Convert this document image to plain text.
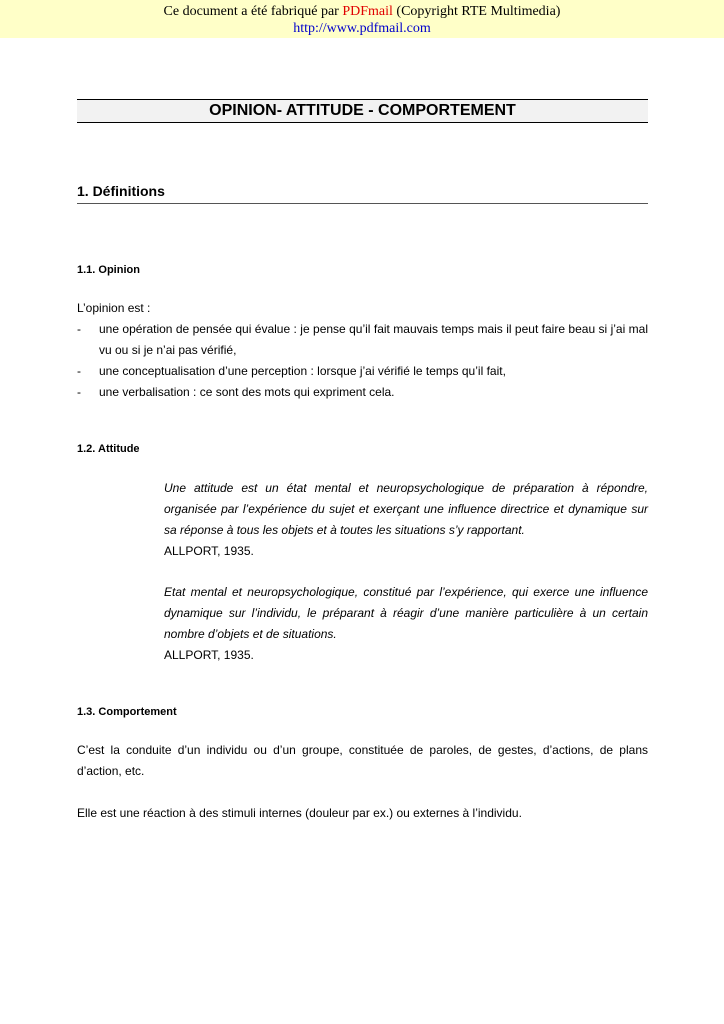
Ce document a été fabriqué par PDFmail (Copyright RTE Multimedia)
http://www.pdfmail.com
OPINION- ATTITUDE - COMPORTEMENT
1. Définitions
1.1. Opinion
L’opinion est :
- une opération de pensée qui évalue : je pense qu’il fait mauvais temps mais il peut faire beau si j’ai mal vu ou si je n’ai pas vérifié,
- une conceptualisation d’une perception : lorsque j’ai vérifié le temps qu’il fait,
- une verbalisation : ce sont des mots qui expriment cela.
1.2. Attitude
Une attitude est un état mental et neuropsychologique de préparation à répondre, organisée par l’expérience du sujet et exerçant une influence directrice et dynamique sur sa réponse à tous les objets et à toutes les situations s’y rapportant.
ALLPORT, 1935.
Etat mental et neuropsychologique, constitué par l’expérience, qui exerce une influence dynamique sur l’individu, le préparant à réagir d’une manière particulière à un certain nombre d’objets et de situations.
ALLPORT, 1935.
1.3. Comportement
C’est la conduite d’un individu ou d’un groupe, constituée de paroles, de gestes, d’actions, de plans d’action, etc.
Elle est une réaction à des stimuli internes (douleur par ex.) ou externes à l’individu.
